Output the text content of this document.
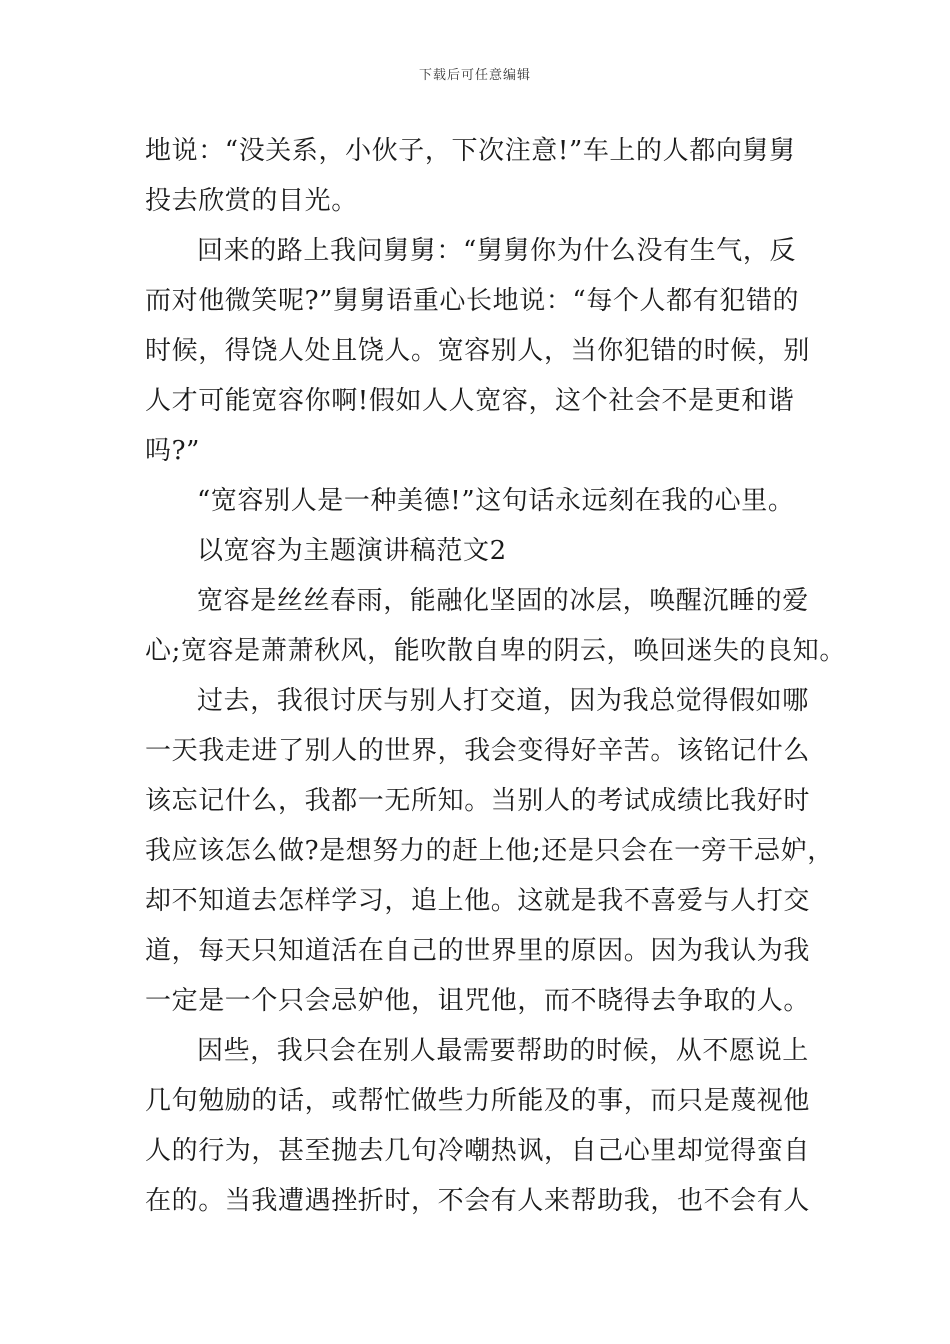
下载后可任意编辑
地说：“没关系，小伙子，下次注意!”车上的人都向舅舅
投去欣赏的目光。
回来的路上我问舅舅：“舅舅你为什么没有生气，反
而对他微笑呢?”舅舅语重心长地说：“每个人都有犯错的
时候，得饶人处且饶人。宽容别人，当你犯错的时候，别
人才可能宽容你啊!假如人人宽容，这个社会不是更和谐
吗?”
“宽容别人是一种美德!”这句话永远刻在我的心里。
以宽容为主题演讲稿范文2
宽容是丝丝春雨，能融化坚固的冰层，唤醒沉睡的爱
心;宽容是萧萧秋风，能吹散自卑的阴云，唤回迷失的良知。
过去，我很讨厌与别人打交道，因为我总觉得假如哪
一天我走进了别人的世界，我会变得好辛苦。该铭记什么
该忘记什么，我都一无所知。当别人的考试成绩比我好时
我应该怎么做?是想努力的赶上他;还是只会在一旁干忌妒，
却不知道去怎样学习，追上他。这就是我不喜爱与人打交
道，每天只知道活在自己的世界里的原因。因为我认为我
一定是一个只会忌妒他，诅咒他，而不晓得去争取的人。
因些，我只会在别人最需要帮助的时候，从不愿说上
几句勉励的话，或帮忙做些力所能及的事，而只是蔑视他
人的行为，甚至抛去几句冷嘲热讽，自己心里却觉得蛮自
在的。当我遭遇挫折时，不会有人来帮助我，也不会有人
